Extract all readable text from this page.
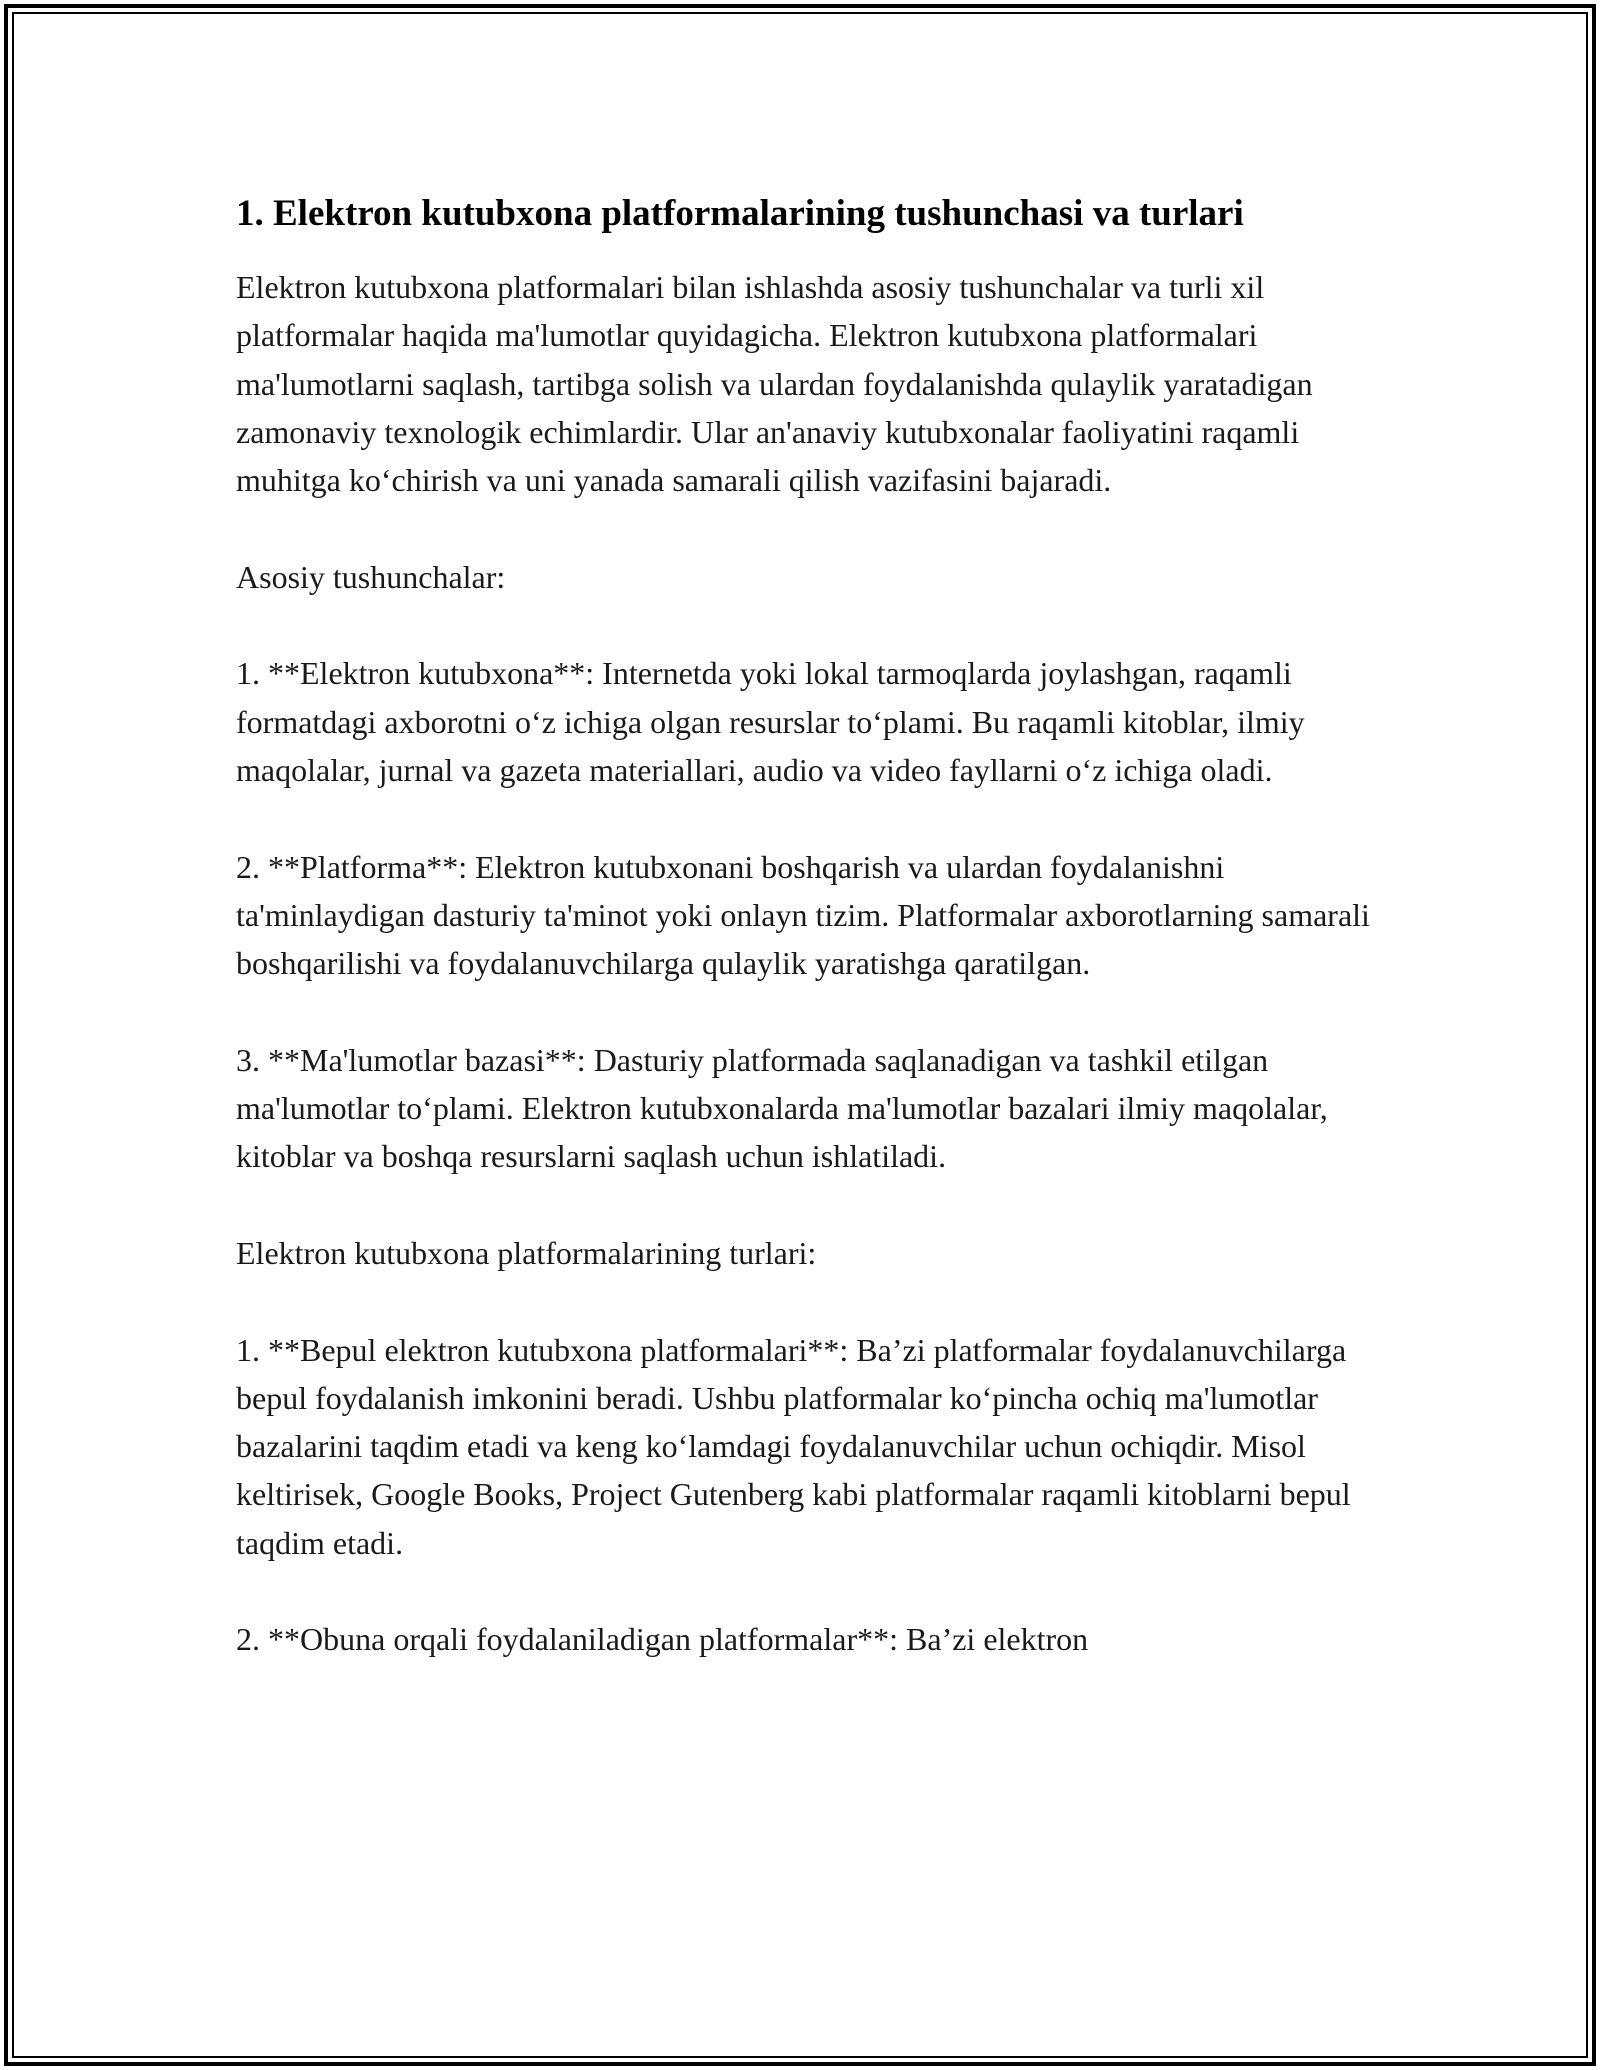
1. Elektron kutubxona platformalarining tushunchasi va turlari

Elektron kutubxona platformalari bilan ishlashda asosiy tushunchalar va turli xil platformalar haqida ma'lumotlar quyidagicha. Elektron kutubxona platformalari ma'lumotlarni saqlash, tartibga solish va ulardan foydalanishda qulaylik yaratadigan zamonaviy texnologik echimlardir. Ular an'anaviy kutubxonalar faoliyatini raqamli muhitga ko‘chirish va uni yanada samarali qilish vazifasini bajaradi.

Asosiy tushunchalar:

1. **Elektron kutubxona**: Internetda yoki lokal tarmoqlarda joylashgan, raqamli formatdagi axborotni o‘z ichiga olgan resurslar to‘plami. Bu raqamli kitoblar, ilmiy maqolalar, jurnal va gazeta materiallari, audio va video fayllarni o‘z ichiga oladi.

2. **Platforma**: Elektron kutubxonani boshqarish va ulardan foydalanishni ta'minlaydigan dasturiy ta'minot yoki onlayn tizim. Platformalar axborotlarning samarali boshqarilishi va foydalanuvchilarga qulaylik yaratishga qaratilgan.

3. **Ma'lumotlar bazasi**: Dasturiy platformada saqlanadigan va tashkil etilgan ma'lumotlar to‘plami. Elektron kutubxonalarda ma'lumotlar bazalari ilmiy maqolalar, kitoblar va boshqa resurslarni saqlash uchun ishlatiladi.

Elektron kutubxona platformalarining turlari:

1. **Bepul elektron kutubxona platformalari**: Ba’zi platformalar foydalanuvchilarga bepul foydalanish imkonini beradi. Ushbu platformalar ko‘pincha ochiq ma'lumotlar bazalarini taqdim etadi va keng ko‘lamdagi foydalanuvchilar uchun ochiqdir. Misol keltirisek, Google Books, Project Gutenberg kabi platformalar raqamli kitoblarni bepul taqdim etadi.

2. **Obuna orqali foydalaniladigan platformalar**: Ba’zi elektron
